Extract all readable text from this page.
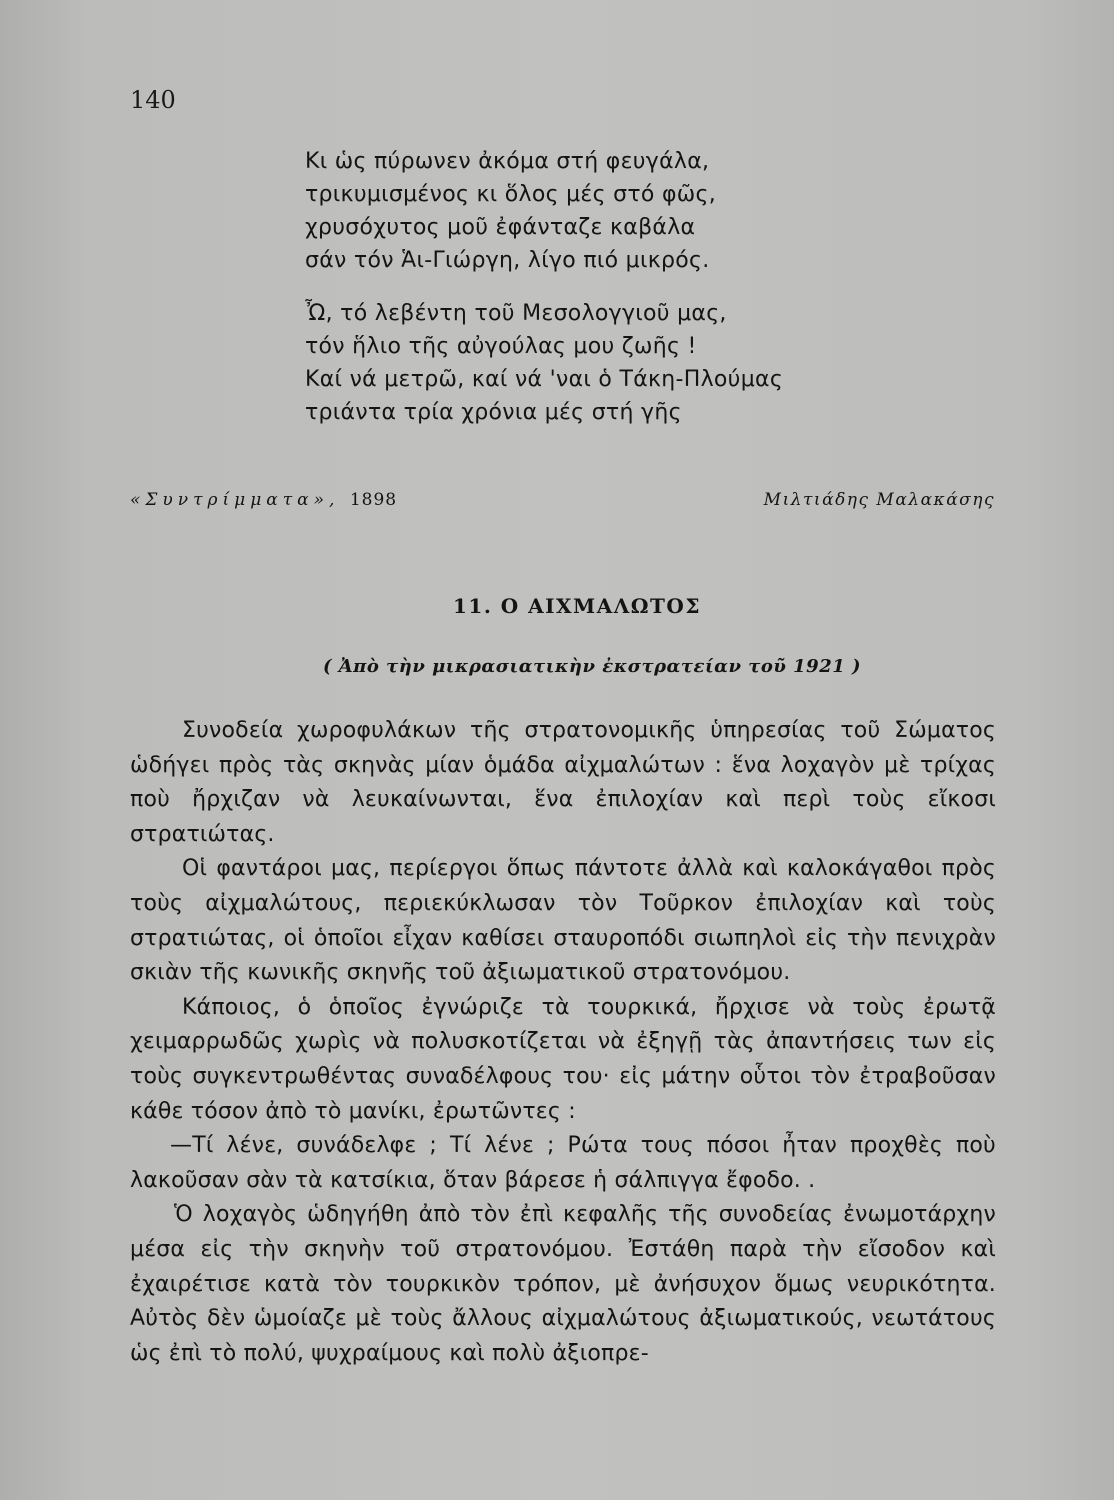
140
Κι ὡς πύρωνεν ἀκόμα στή φευγάλα,
τρικυμισμένος κι ὅλος μές στό φῶς,
χρυσόχυτος μοῦ ἐφάνταζε καβάλα
σάν τόν Ἁι-Γιώργη, λίγο πιό μικρός.
Ὦ, τό λεβέντη τοῦ Μεσολογγιοῦ μας,
τόν ἥλιο τῆς αὐγούλας μου ζωῆς !
Καί νά μετρῶ, καί νά 'ναι ὁ Τάκη-Πλούμας
τριάντα τρία χρόνια μές στή γῆς
«Συντρίμματα», 1898	Μιλτιάδης Μαλακάσης
11. Ο ΑΙΧΜΑΛΩΤΟΣ
( Ἀπὸ τὴν μικρασιατικὴν ἐκστρατείαν τοῦ 1921 )

Συνοδεία χωροφυλάκων τῆς στρατονομικῆς ὑπηρεσίας τοῦ Σώματος ὡδήγει πρὸς τὰς σκηνὰς μίαν ὁμάδα αἰχμαλώτων : ἕνα λοχαγὸν μὲ τρίχας ποὺ ἤρχιζαν νὰ λευκαίνωνται, ἕνα ἐπιλοχίαν καὶ περὶ τοὺς εἴκοσι στρατιώτας.

Οἱ φαντάροι μας, περίεργοι ὅπως πάντοτε ἀλλὰ καὶ καλοκάγαθοι πρὸς τοὺς αἰχμαλώτους, περιεκύκλωσαν τὸν Τοῦρκον ἐπιλοχίαν καὶ τοὺς στρατιώτας, οἱ ὁποῖοι εἶχαν καθίσει σταυροπόδι σιωπηλοὶ εἰς τὴν πενιχρὰν σκιὰν τῆς κωνικῆς σκηνῆς τοῦ ἀξιωματικοῦ στρατονόμου.

Κάποιος, ὁ ὁποῖος ἐγνώριζε τὰ τουρκικά, ἤρχισε νὰ τοὺς ἐρωτᾷ χειμαρρωδῶς χωρὶς νὰ πολυσκοτίζεται νὰ ἐξηγῇ τὰς ἀπαντήσεις των εἰς τοὺς συγκεντρωθέντας συναδέλφους του· εἰς μάτην οὗτοι τὸν ἐτραβοῦσαν κάθε τόσον ἀπὸ τὸ μανίκι, ἐρωτῶντες :

—Τί λένε, συνάδελφε ; Τί λένε ; Ρώτα τους πόσοι ἦταν προχθὲς ποὺ λακοῦσαν σὰν τὰ κατσίκια, ὅταν βάρεσε ἡ σάλπιγγα ἔφοδο. .

Ὁ λοχαγὸς ὡδηγήθη ἀπὸ τὸν ἐπὶ κεφαλῆς τῆς συνοδείας ἐνωμοτάρχην μέσα εἰς τὴν σκηνὴν τοῦ στρατονόμου. Ἐστάθη παρὰ τὴν εἴσοδον καὶ ἐχαιρέτισε κατὰ τὸν τουρκικὸν τρόπον, μὲ ἀνήσυχον ὅμως νευρικότητα. Αὐτὸς δὲν ὡμοίαζε μὲ τοὺς ἄλλους αἰχμαλώτους ἀξιωματικούς, νεωτάτους ὡς ἐπὶ τὸ πολύ, ψυχραίμους καὶ πολὺ ἀξιοπρε-
